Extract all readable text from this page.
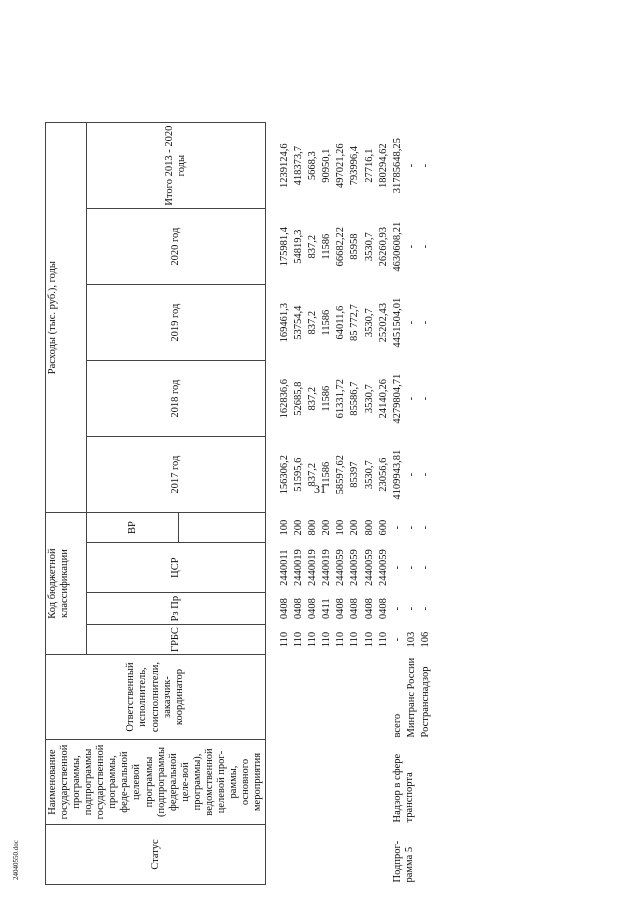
31
24040550.doc	Статус	Наименование государственной программы, подпрограммы государственной программы, феде-ральной целевой программы (подпрограммы федеральной целе-вой программы), ведомственной целевой прог-раммы, основного мероприятия	Ответственный исполнитель, соисполнители, заказчик-координатор	Код бюджетной классификации				Расходы (тыс. руб.), годы				
			ГРБС	Рз Пр	ЦСР	ВР	2017 год	2018 год	2019 год	2020 год	Итого 2013 - 2020 годы

			110	0408	2440011	100	156306,2	162836,6	169461,3	175981,4	1239124,6
			110	0408	2440019	200	51595,6	52685,8	53754,4	54819,3	418373,7
			110	0408	2440019	800	837,2	837,2	837,2	837,2	5668,3
			110	0411	2440019	200	11586	11586	11586	11586	90950,1
			110	0408	2440059	100	58597,62	61331,72	64011,6	66682,22	497021,26
			110	0408	2440059	200	85397	85586,7	85 772,7	85958	793996,4
			110	0408	2440059	800	3530,7	3530,7	3530,7	3530,7	27716,1
			110	0408	2440059	600	23056,6	24140,26	25202,43	26260,93	180294,62
Подпрог-рамма 5	Надзор в сфере транспорта	всего	-	-	-	-	4109943,81	4279804,71	4451504,01	4630608,21	31785648,25
		Минтранс России	103	-	-	-	-	-	-	-	-
		Ространснадзор	106	-	-	-	-	-	-	-	-
